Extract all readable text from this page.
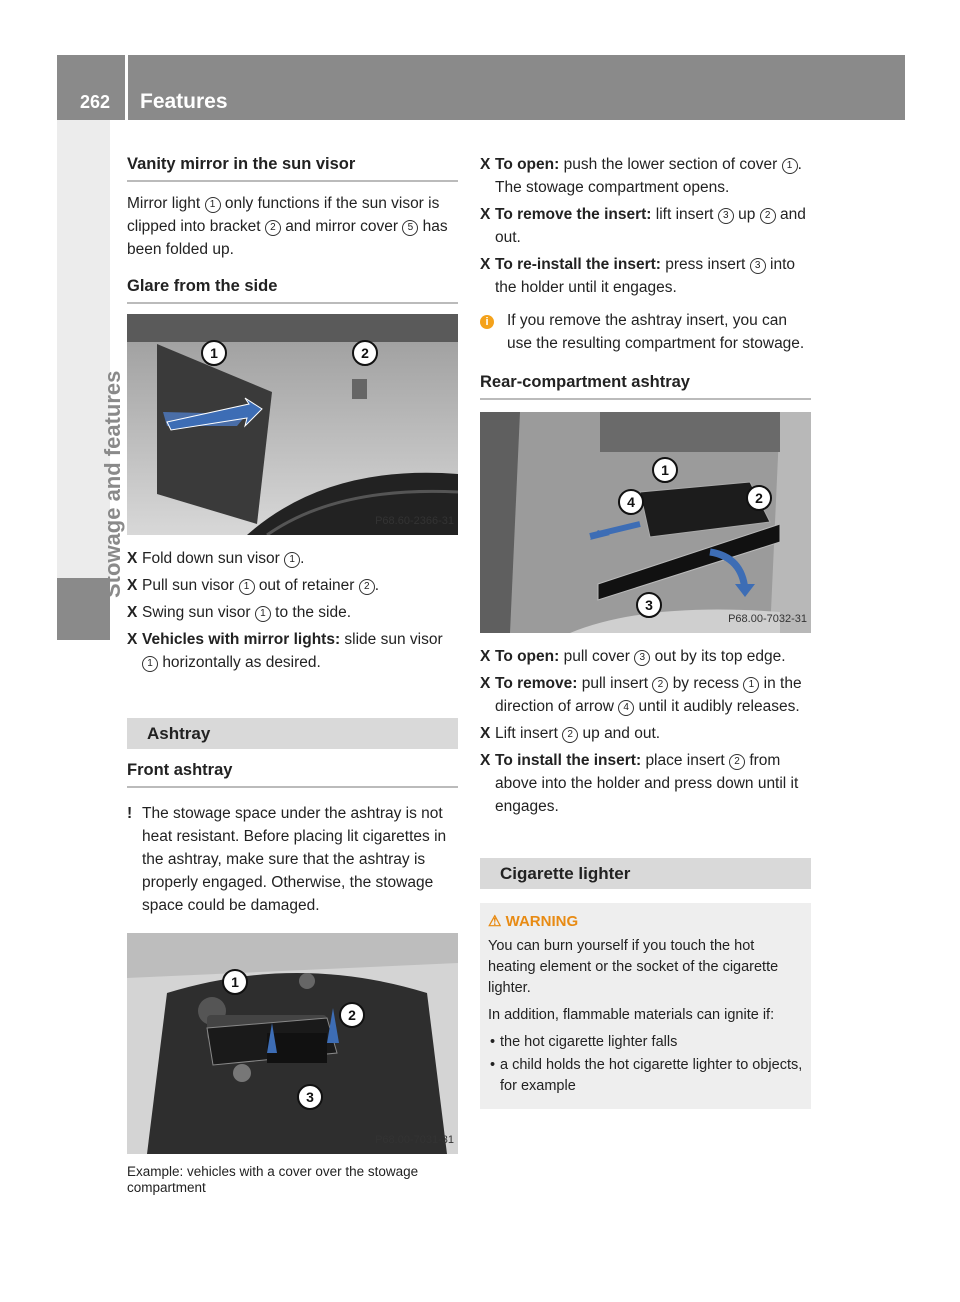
262 Features
Stowage and features
Vanity mirror in the sun visor

Mirror light 1 only functions if the sun visor is clipped into bracket 2 and mirror cover 5 has been folded up.

Glare from the side
1	2
P68.60-2366-31

X Fold down sun visor 1 .

X Pull sun visor 1 out of retainer 2 .

X Swing sun visor 1 to the side.

X Vehicles with mirror lights: slide sun visor 1 horizontally as desired.

Ashtray
Front ashtray

! The stowage space under the ashtray is not heat resistant. Before placing lit cigarettes in the ashtray, make sure that the ashtray is properly engaged. Otherwise, the stowage space could be damaged.

1
2
3
P68.00-7031-31
Example: vehicles with a cover over the stowage compartment

X To open: push the lower section of cover 1 .
The stowage compartment opens.

X To remove the insert: lift insert 3 up 2 and out.

X To re-install the insert: press insert 3 into the holder until it engages.

i	If you remove the ashtray insert, you can use the resulting compartment for stowage.

Rear-compartment ashtray
1
2
3
4
P68.00-7032-31

X To open: pull cover 3 out by its top edge.

X To remove: pull insert 2 by recess 1 in the direction of arrow 4 until it audibly releases.

X Lift insert 2 up and out.

X To install the insert: place insert 2 from above into the holder and press down until it engages.

Cigarette lighter
⚠ WARNING
You can burn yourself if you touch the hot heating element or the socket of the cigarette lighter.
In addition, flammable materials can ignite if:
• the hot cigarette lighter falls
• a child holds the hot cigarette lighter to objects, for example
